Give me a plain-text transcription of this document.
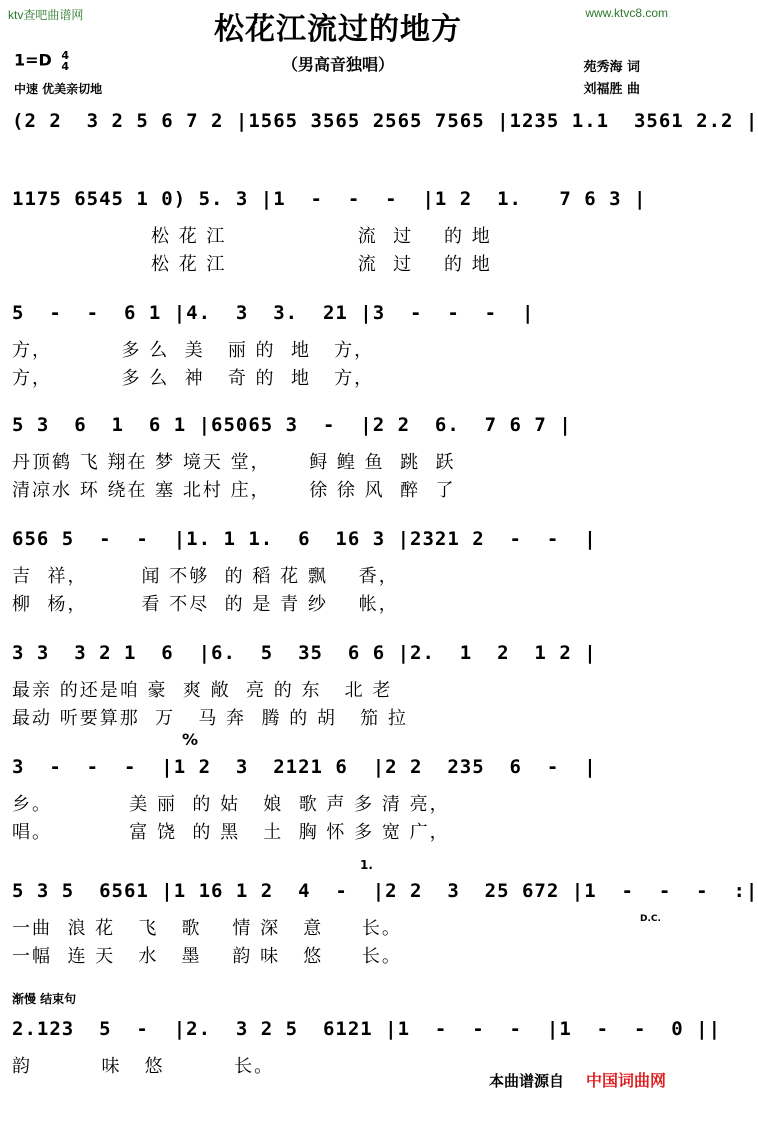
ktv查吧曲谱网	www.ktvc8.com
松花江流过的地方
（男高音独唱）
1=D 4
4
中速 优美亲切地
苑秀海 词
刘福胜 曲
(2 2  3 2 5 6 7 2 |1565 3565 2565 7565 |1235 1.1  3561 2.2 |
1175 6545 1 0) 5. 3 |1  -  -  -  |1 2  1.   7 6 3 |
松 花 江                 流  过    的 地
松 花 江                 流  过    的 地
5  -  -  6 1 |4.  3  3.  21 |3  -  -  -  |
方，         多 么  美   丽 的  地   方，
方，         多 么  神   奇 的  地   方，
5 3  6  1  6 1 |65065 3  -  |2 2  6.  7 6 7 |
丹顶鹤 飞 翔在 梦 境天 堂，     鲟 鳇 鱼  跳  跃
清凉水 环 绕在 塞 北村 庄，     徐 徐 风  醉  了
656 5  -  -  |1. 1 1.  6  16 3 |2321 2  -  -  |
吉  祥，       闻 不够  的 稻 花 飘    香，
柳  杨，       看 不尽  的 是 青 纱    帐，
3 3  3 2 1  6  |6.  5  35  6 6 |2.  1  2  1 2 |
最亲 的还是咱 豪  爽 敞  亮 的 东   北 老
最动 听要算那  万   马 奔  腾 的 胡   笳 拉
3  -  -  -  |1 2  3  2121 6  |2 2  235  6  -  |
乡。          美 丽  的 姑   娘  歌 声 多 清 亮，
唱。          富 饶  的 黑   土  胸 怀 多 宽 广，
5 3 5  6561 |1 16 1 2  4  -  |2 2  3  25 672 |1  -  -  -  :|
一曲  浪 花   飞   歌    情 深   意     长。
一幅  连 天   水   墨    韵 味   悠     长。
2.123  5  -  |2.  3 2 5  6121 |1  -  -  -  |1  -  -  0 ||
韵         味   悠         长。
%
1.
D.C.
渐慢 结束句
本曲谱源自 中国词曲网
